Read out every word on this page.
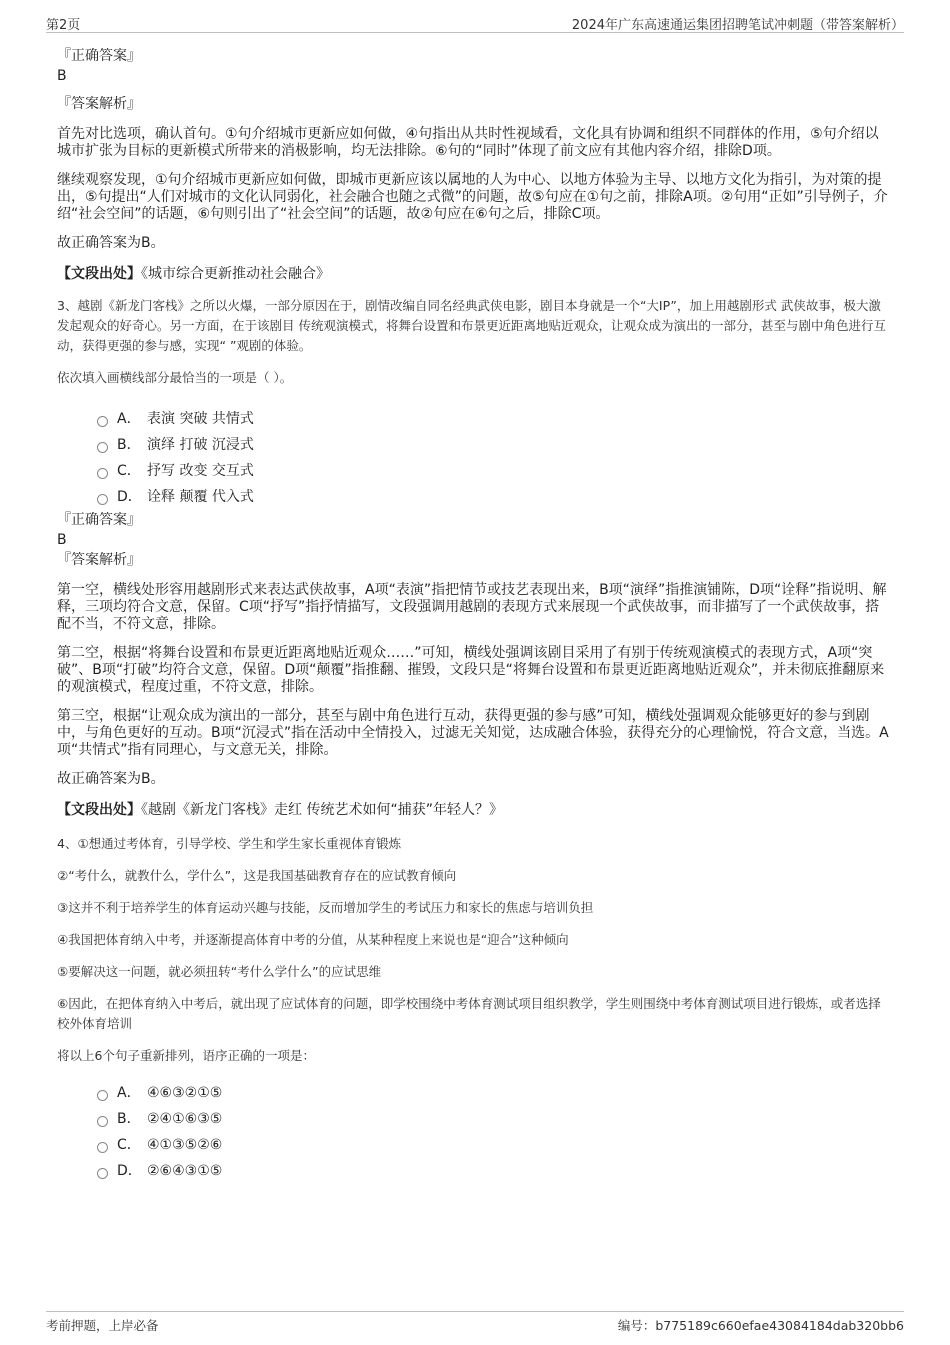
第2页	2024年广东高速通运集团招聘笔试冲刺题（带答案解析）
『正确答案』
B
『答案解析』

首先对比选项，确认首句。①句介绍城市更新应如何做，④句指出从共时性视域看，文化具有协调和组织不同群体的作用，⑤句介绍以城市扩张为目标的更新模式所带来的消极影响，均无法排除。⑥句的“同时”体现了前文应有其他内容介绍，排除D项。

继续观察发现，①句介绍城市更新应如何做，即城市更新应该以属地的人为中心、以地方体验为主导、以地方文化为指引，为对策的提出，⑤句提出“人们对城市的文化认同弱化，社会融合也随之式微”的问题，故⑤句应在①句之前，排除A项。②句用“正如”引导例子，介绍“社会空间”的话题，⑥句则引出了“社会空间”的话题，故②句应在⑥句之后，排除C项。

故正确答案为B。

【文段出处】《城市综合更新推动社会融合》

3、越剧《新龙门客栈》之所以火爆，一部分原因在于，剧情改编自同名经典武侠电影，剧目本身就是一个“大IP”，加上用越剧形式 武侠故事，极大激发起观众的好奇心。另一方面，在于该剧目 传统观演模式，将舞台设置和布景更近距离地贴近观众，让观众成为演出的一部分，甚至与剧中角色进行互动，获得更强的参与感，实现“ ”观剧的体验。

依次填入画横线部分最恰当的一项是（ ）。

A． 表演 突破 共情式
B． 演绎 打破 沉浸式
C． 抒写 改变 交互式
D． 诠释 颠覆 代入式
『正确答案』
B
『答案解析』

第一空，横线处形容用越剧形式来表达武侠故事，A项“表演”指把情节或技艺表现出来，B项“演绎”指推演铺陈，D项“诠释”指说明、解释，三项均符合文意，保留。C项“抒写”指抒情描写，文段强调用越剧的表现方式来展现一个武侠故事，而非描写了一个武侠故事，搭配不当，不符文意，排除。

第二空，根据“将舞台设置和布景更近距离地贴近观众……”可知，横线处强调该剧目采用了有别于传统观演模式的表现方式，A项“突破”、B项“打破”均符合文意，保留。D项“颠覆”指推翻、摧毁，文段只是“将舞台设置和布景更近距离地贴近观众”，并未彻底推翻原来的观演模式，程度过重，不符文意，排除。

第三空，根据“让观众成为演出的一部分，甚至与剧中角色进行互动，获得更强的参与感”可知，横线处强调观众能够更好的参与到剧中，与角色更好的互动。B项“沉浸式”指在活动中全情投入，过滤无关知觉，达成融合体验，获得充分的心理愉悦，符合文意，当选。A项“共情式”指有同理心，与文意无关，排除。

故正确答案为B。

【文段出处】《越剧《新龙门客栈》走红 传统艺术如何“捕获”年轻人？》

4、①想通过考体育，引导学校、学生和学生家长重视体育锻炼

②“考什么，就教什么，学什么”，这是我国基础教育存在的应试教育倾向

③这并不利于培养学生的体育运动兴趣与技能，反而增加学生的考试压力和家长的焦虑与培训负担

④我国把体育纳入中考，并逐渐提高体育中考的分值，从某种程度上来说也是“迎合”这种倾向

⑤要解决这一问题，就必须扭转“考什么学什么”的应试思维

⑥因此，在把体育纳入中考后，就出现了应试体育的问题，即学校围绕中考体育测试项目组织教学，学生则围绕中考体育测试项目进行锻炼，或者选择校外体育培训

将以上6个句子重新排列，语序正确的一项是：

A． ④⑥③②①⑤
B． ②④①⑥③⑤
C． ④①③⑤②⑥
D． ②⑥④③①⑤
考前押题，上岸必备	编号：b775189c660efae43084184dab320bb6
